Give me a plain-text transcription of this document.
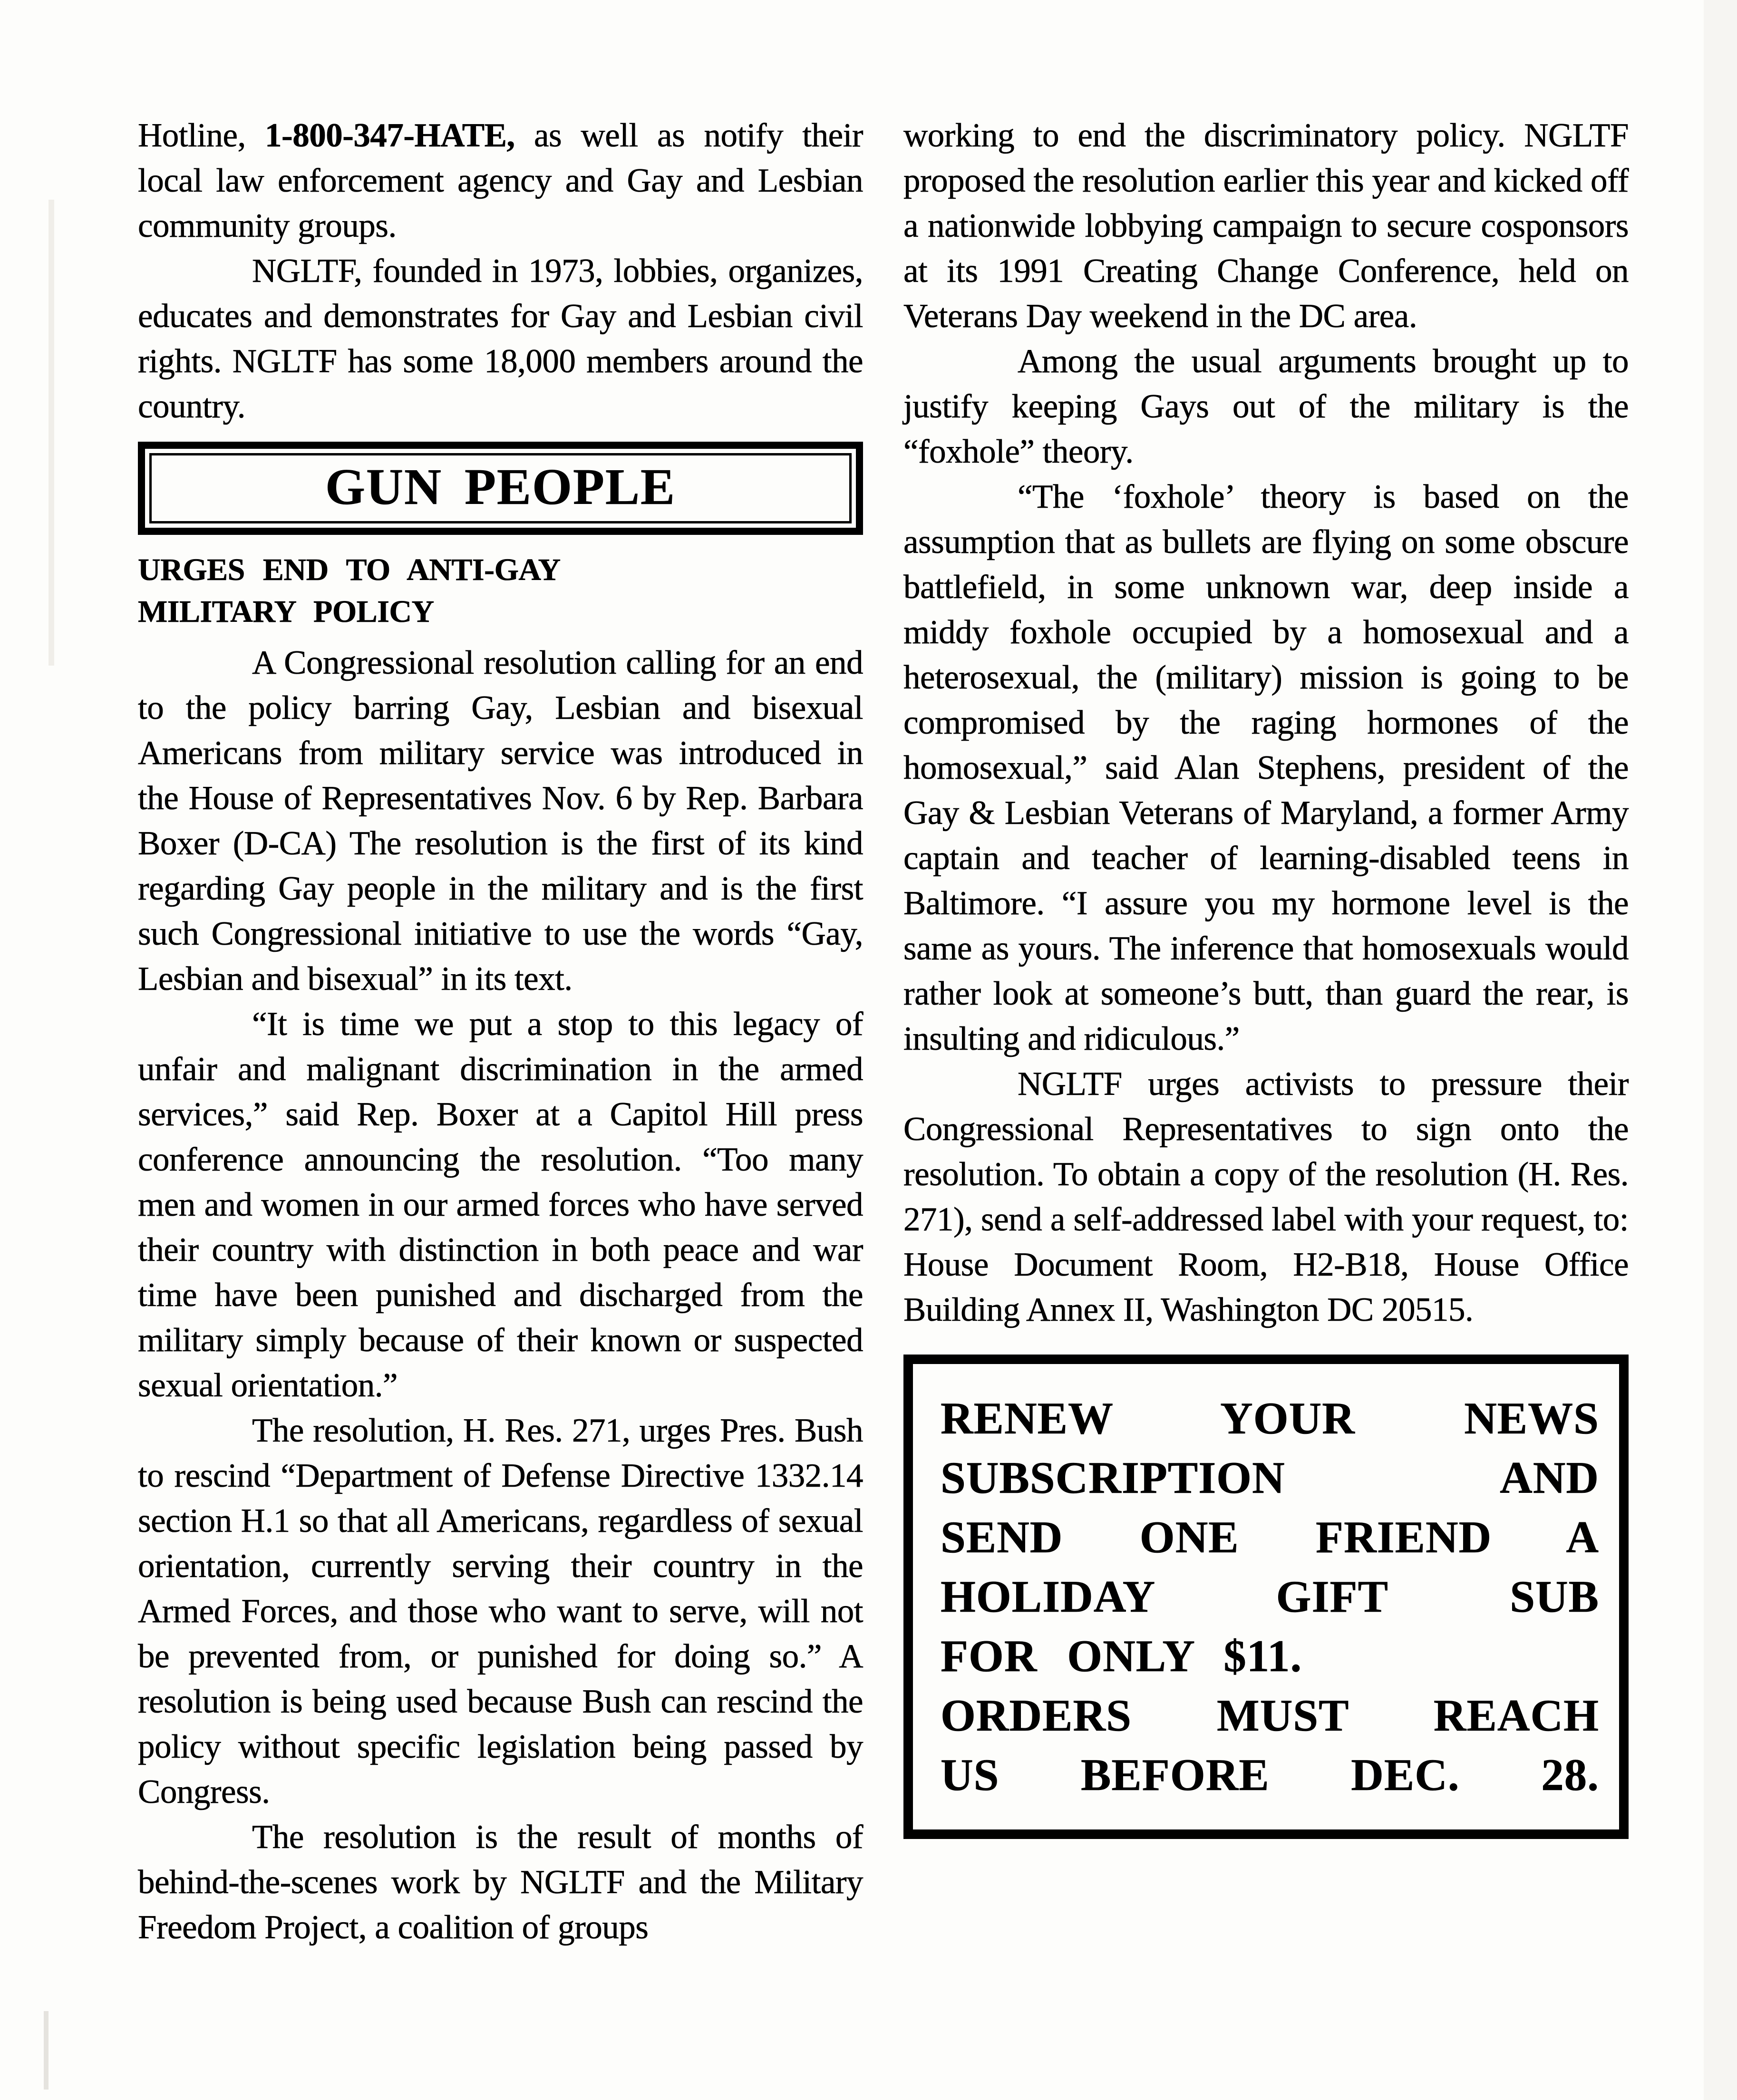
Hotline, 1-800-347-HATE, as well as notify their local law enforcement agency and Gay and Lesbian community groups.

NGLTF, founded in 1973, lobbies, organizes, educates and demonstrates for Gay and Lesbian civil rights. NGLTF has some 18,000 members around the country.

GUN PEOPLE
URGES END TO ANTI-GAY
MILITARY POLICY

A Congressional resolution calling for an end to the policy barring Gay, Lesbian and bisexual Americans from military service was introduced in the House of Representatives Nov. 6 by Rep. Barbara Boxer (D-CA) The resolution is the first of its kind regarding Gay people in the military and is the first such Congressional initiative to use the words “Gay, Lesbian and bisexual” in its text.

“It is time we put a stop to this legacy of unfair and malignant discrimination in the armed services,” said Rep. Boxer at a Capitol Hill press conference announcing the resolution. “Too many men and women in our armed forces who have served their country with distinction in both peace and war time have been punished and discharged from the military simply because of their known or suspected sexual orientation.”

The resolution, H. Res. 271, urges Pres. Bush to rescind “Department of Defense Directive 1332.14 section H.1 so that all Americans, regardless of sexual orientation, currently serving their country in the Armed Forces, and those who want to serve, will not be prevented from, or punished for doing so.” A resolution is being used because Bush can rescind the policy without specific legislation being passed by Congress.

The resolution is the result of months of behind-the-scenes work by NGLTF and the Military Freedom Project, a coalition of groups

working to end the discriminatory policy. NGLTF proposed the resolution earlier this year and kicked off a nationwide lobbying campaign to secure cosponsors at its 1991 Creating Change Conference, held on Veterans Day weekend in the DC area.

Among the usual arguments brought up to justify keeping Gays out of the military is the “foxhole” theory.

“The ‘foxhole’ theory is based on the assumption that as bullets are flying on some obscure battlefield, in some unknown war, deep inside a middy foxhole occupied by a homosexual and a heterosexual, the (military) mission is going to be compromised by the raging hormones of the homosexual,” said Alan Stephens, president of the Gay & Lesbian Veterans of Maryland, a former Army captain and teacher of learning-disabled teens in Baltimore. “I assure you my hormone level is the same as yours. The inference that homosexuals would rather look at someone’s butt, than guard the rear, is insulting and ridiculous.”

NGLTF urges activists to pressure their Congressional Representatives to sign onto the resolution. To obtain a copy of the resolution (H. Res. 271), send a self-addressed label with your request, to: House Document Room, H2-B18, House Office Building Annex II, Washington DC 20515.

RENEW YOUR NEWS
SUBSCRIPTION AND
SEND ONE FRIEND A
HOLIDAY GIFT SUB
FOR ONLY $11.
ORDERS MUST REACH
US BEFORE DEC. 28.
